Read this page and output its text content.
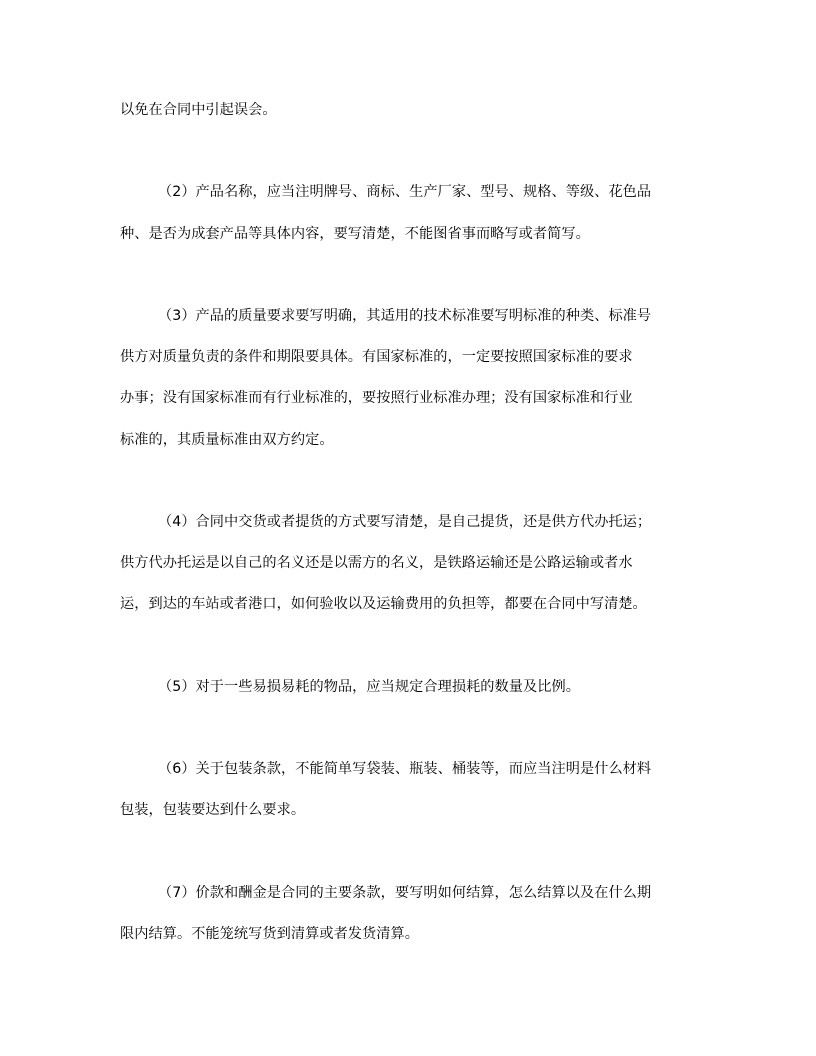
以免在合同中引起误会。

（2）产品名称，应当注明牌号、商标、生产厂家、型号、规格、等级、花色品
种、是否为成套产品等具体内容，要写清楚，不能图省事而略写或者简写。

（3）产品的质量要求要写明确，其适用的技术标准要写明标准的种类、标准号
供方对质量负责的条件和期限要具体。有国家标准的，一定要按照国家标准的要求
办事；没有国家标准而有行业标准的，要按照行业标准办理；没有国家标准和行业
标准的，其质量标准由双方约定。

（4）合同中交货或者提货的方式要写清楚，是自己提货，还是供方代办托运；
供方代办托运是以自己的名义还是以需方的名义，是铁路运输还是公路运输或者水
运，到达的车站或者港口，如何验收以及运输费用的负担等，都要在合同中写清楚。

（5）对于一些易损易耗的物品，应当规定合理损耗的数量及比例。

（6）关于包装条款，不能简单写袋装、瓶装、桶装等，而应当注明是什么材料
包装，包装要达到什么要求。

（7）价款和酬金是合同的主要条款，要写明如何结算，怎么结算以及在什么期
限内结算。不能笼统写货到清算或者发货清算。
